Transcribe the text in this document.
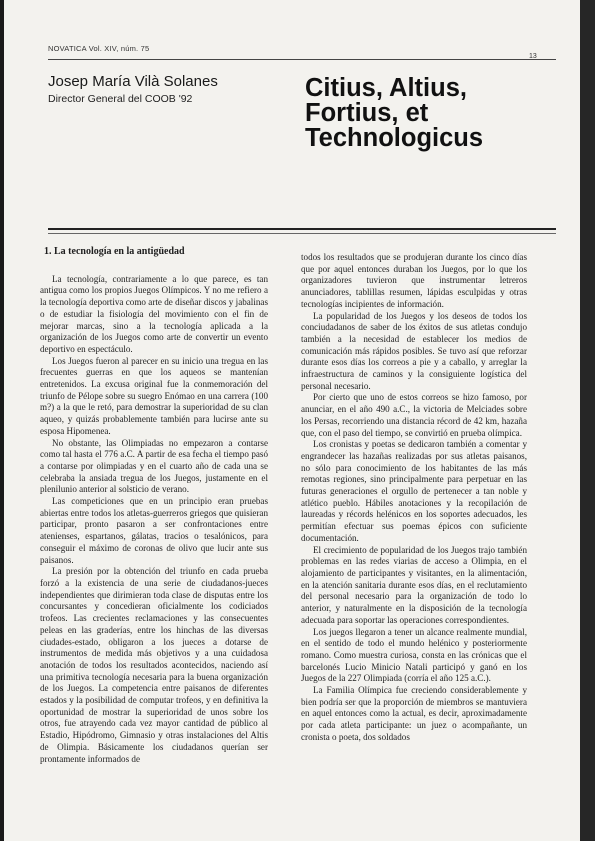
NOVATICA Vol. XIV, núm. 75
13
Josep María Vilà Solanes
Director General del COOB '92	Citius, Altius,
Fortius, et
Technologicus
1. La tecnología en la antigüedad

La tecnología, contrariamente a lo que parece, es tan antigua como los propios Juegos Olímpicos. Y no me refiero a la tecnología deportiva como arte de diseñar discos y jabalinas o de estudiar la fisiología del movimiento con el fin de mejorar marcas, sino a la tecnología aplicada a la organización de los Juegos como arte de convertir un evento deportivo en espectáculo.

Los Juegos fueron al parecer en su inicio una tregua en las frecuentes guerras en que los aqueos se mantenían entretenidos. La excusa original fue la conmemoración del triunfo de Pélope sobre su suegro Enómao en una carrera (100 m?) a la que le retó, para demostrar la superioridad de su clan aqueo, y quizás probablemente también para lucirse ante su esposa Hipomenea.

No obstante, las Olimpiadas no empezaron a contarse como tal hasta el 776 a.C. A partir de esa fecha el tiempo pasó a contarse por olimpiadas y en el cuarto año de cada una se celebraba la ansiada tregua de los Juegos, justamente en el plenilunio anterior al solsticio de verano.

Las competiciones que en un principio eran pruebas abiertas entre todos los atletas-guerreros griegos que quisieran participar, pronto pasaron a ser confrontaciones entre atenienses, espartanos, gálatas, tracios o tesalónicos, para conseguir el máximo de coronas de olivo que lucir ante sus paisanos.

La presión por la obtención del triunfo en cada prueba forzó a la existencia de una serie de ciudadanos-jueces independientes que dirimieran toda clase de disputas entre los concursantes y concedieran oficialmente los codiciados trofeos. Las crecientes reclamaciones y las consecuentes peleas en las graderías, entre los hinchas de las diversas ciudades-estado, obligaron a los jueces a dotarse de instrumentos de medida más objetivos y a una cuidadosa anotación de todos los resultados acontecidos, naciendo así una primitiva tecnología necesaria para la buena organización de los Juegos. La competencia entre paisanos de diferentes estados y la posibilidad de computar trofeos, y en definitiva la oportunidad de mostrar la superioridad de unos sobre los otros, fue atrayendo cada vez mayor cantidad de público al Estadio, Hipódromo, Gimnasio y otras instalaciones del Altis de Olimpia. Básicamente los ciudadanos querían ser prontamente informados de

todos los resultados que se produjeran durante los cinco días que por aquel entonces duraban los Juegos, por lo que los organizadores tuvieron que instrumentar letreros anunciadores, tablillas resumen, lápidas esculpidas y otras tecnologías incipientes de información.

La popularidad de los Juegos y los deseos de todos los conciudadanos de saber de los éxitos de sus atletas condujo también a la necesidad de establecer los medios de comunicación más rápidos posibles. Se tuvo así que reforzar durante esos días los correos a pie y a caballo, y arreglar la infraestructura de caminos y la consiguiente logística del personal necesario.

Por cierto que uno de estos correos se hizo famoso, por anunciar, en el año 490 a.C., la victoria de Melciades sobre los Persas, recorriendo una distancia récord de 42 km, hazaña que, con el paso del tiempo, se convirtió en prueba olímpica.

Los cronistas y poetas se dedicaron también a comentar y engrandecer las hazañas realizadas por sus atletas paisanos, no sólo para conocimiento de los habitantes de las más remotas regiones, sino principalmente para perpetuar en las futuras generaciones el orgullo de pertenecer a tan noble y atlético pueblo. Hábiles anotaciones y la recopilación de laureadas y récords helénicos en los soportes adecuados, les permitían efectuar sus poemas épicos con suficiente documentación.

El crecimiento de popularidad de los Juegos trajo también problemas en las redes viarias de acceso a Olimpia, en el alojamiento de participantes y visitantes, en la alimentación, en la atención sanitaria durante esos días, en el reclutamiento del personal necesario para la organización de todo lo anterior, y naturalmente en la disposición de la tecnología adecuada para soportar las operaciones correspondientes.

Los juegos llegaron a tener un alcance realmente mundial, en el sentido de todo el mundo helénico y posteriormente romano. Como muestra curiosa, consta en las crónicas que el barcelonés Lucio Minicio Natali participó y ganó en los Juegos de la 227 Olimpiada (corría el año 125 a.C.).

La Familia Olímpica fue creciendo considerablemente y bien podría ser que la proporción de miembros se mantuviera en aquel entonces como la actual, es decir, aproximadamente por cada atleta participante: un juez o acompañante, un cronista o poeta, dos soldados
